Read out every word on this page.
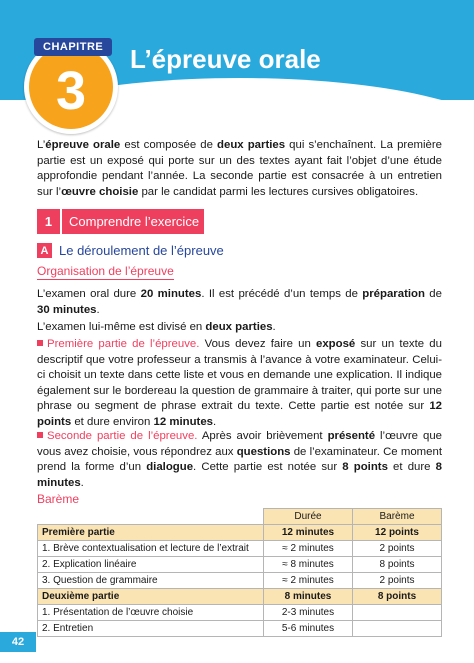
CHAPITRE
3
L’épreuve orale

L’épreuve orale est composée de deux parties qui s’enchaînent. La première partie est un exposé qui porte sur un des textes ayant fait l’objet d’une étude approfondie pendant l’année. La seconde partie est consacrée à un entretien sur l’œuvre choisie par le candidat parmi les lectures cursives obligatoires.

1	Comprendre l’exercice
A Le déroulement de l’épreuve
Organisation de l’épreuve

L’examen oral dure 20 minutes. Il est précédé d’un temps de préparation de 30 minutes.

L’examen lui-même est divisé en deux parties.

Première partie de l’épreuve. Vous devez faire un exposé sur un texte du descriptif que votre professeur a transmis à l’avance à votre examinateur. Celui-ci choisit un texte dans cette liste et vous en demande une explication. Il indique également sur le bordereau la question de grammaire à traiter, qui porte sur une phrase ou segment de phrase extrait du texte. Cette partie est notée sur 12 points et dure environ 12 minutes.

Seconde partie de l’épreuve. Après avoir brièvement présenté l’œuvre que vous avez choisie, vous répondrez aux questions de l’examinateur. Ce moment prend la forme d’un dialogue. Cette partie est notée sur 8 points et dure 8 minutes.

Barème
	Durée	Barème
Première partie	12 minutes	12 points
1. Brève contextualisation et lecture de l’extrait	≈ 2 minutes	2 points
2. Explication linéaire	≈ 8 minutes	8 points
3. Question de grammaire	≈ 2 minutes	2 points
Deuxième partie	8 minutes	8 points
1. Présentation de l’œuvre choisie	2-3 minutes	
2. Entretien	5-6 minutes	
42
